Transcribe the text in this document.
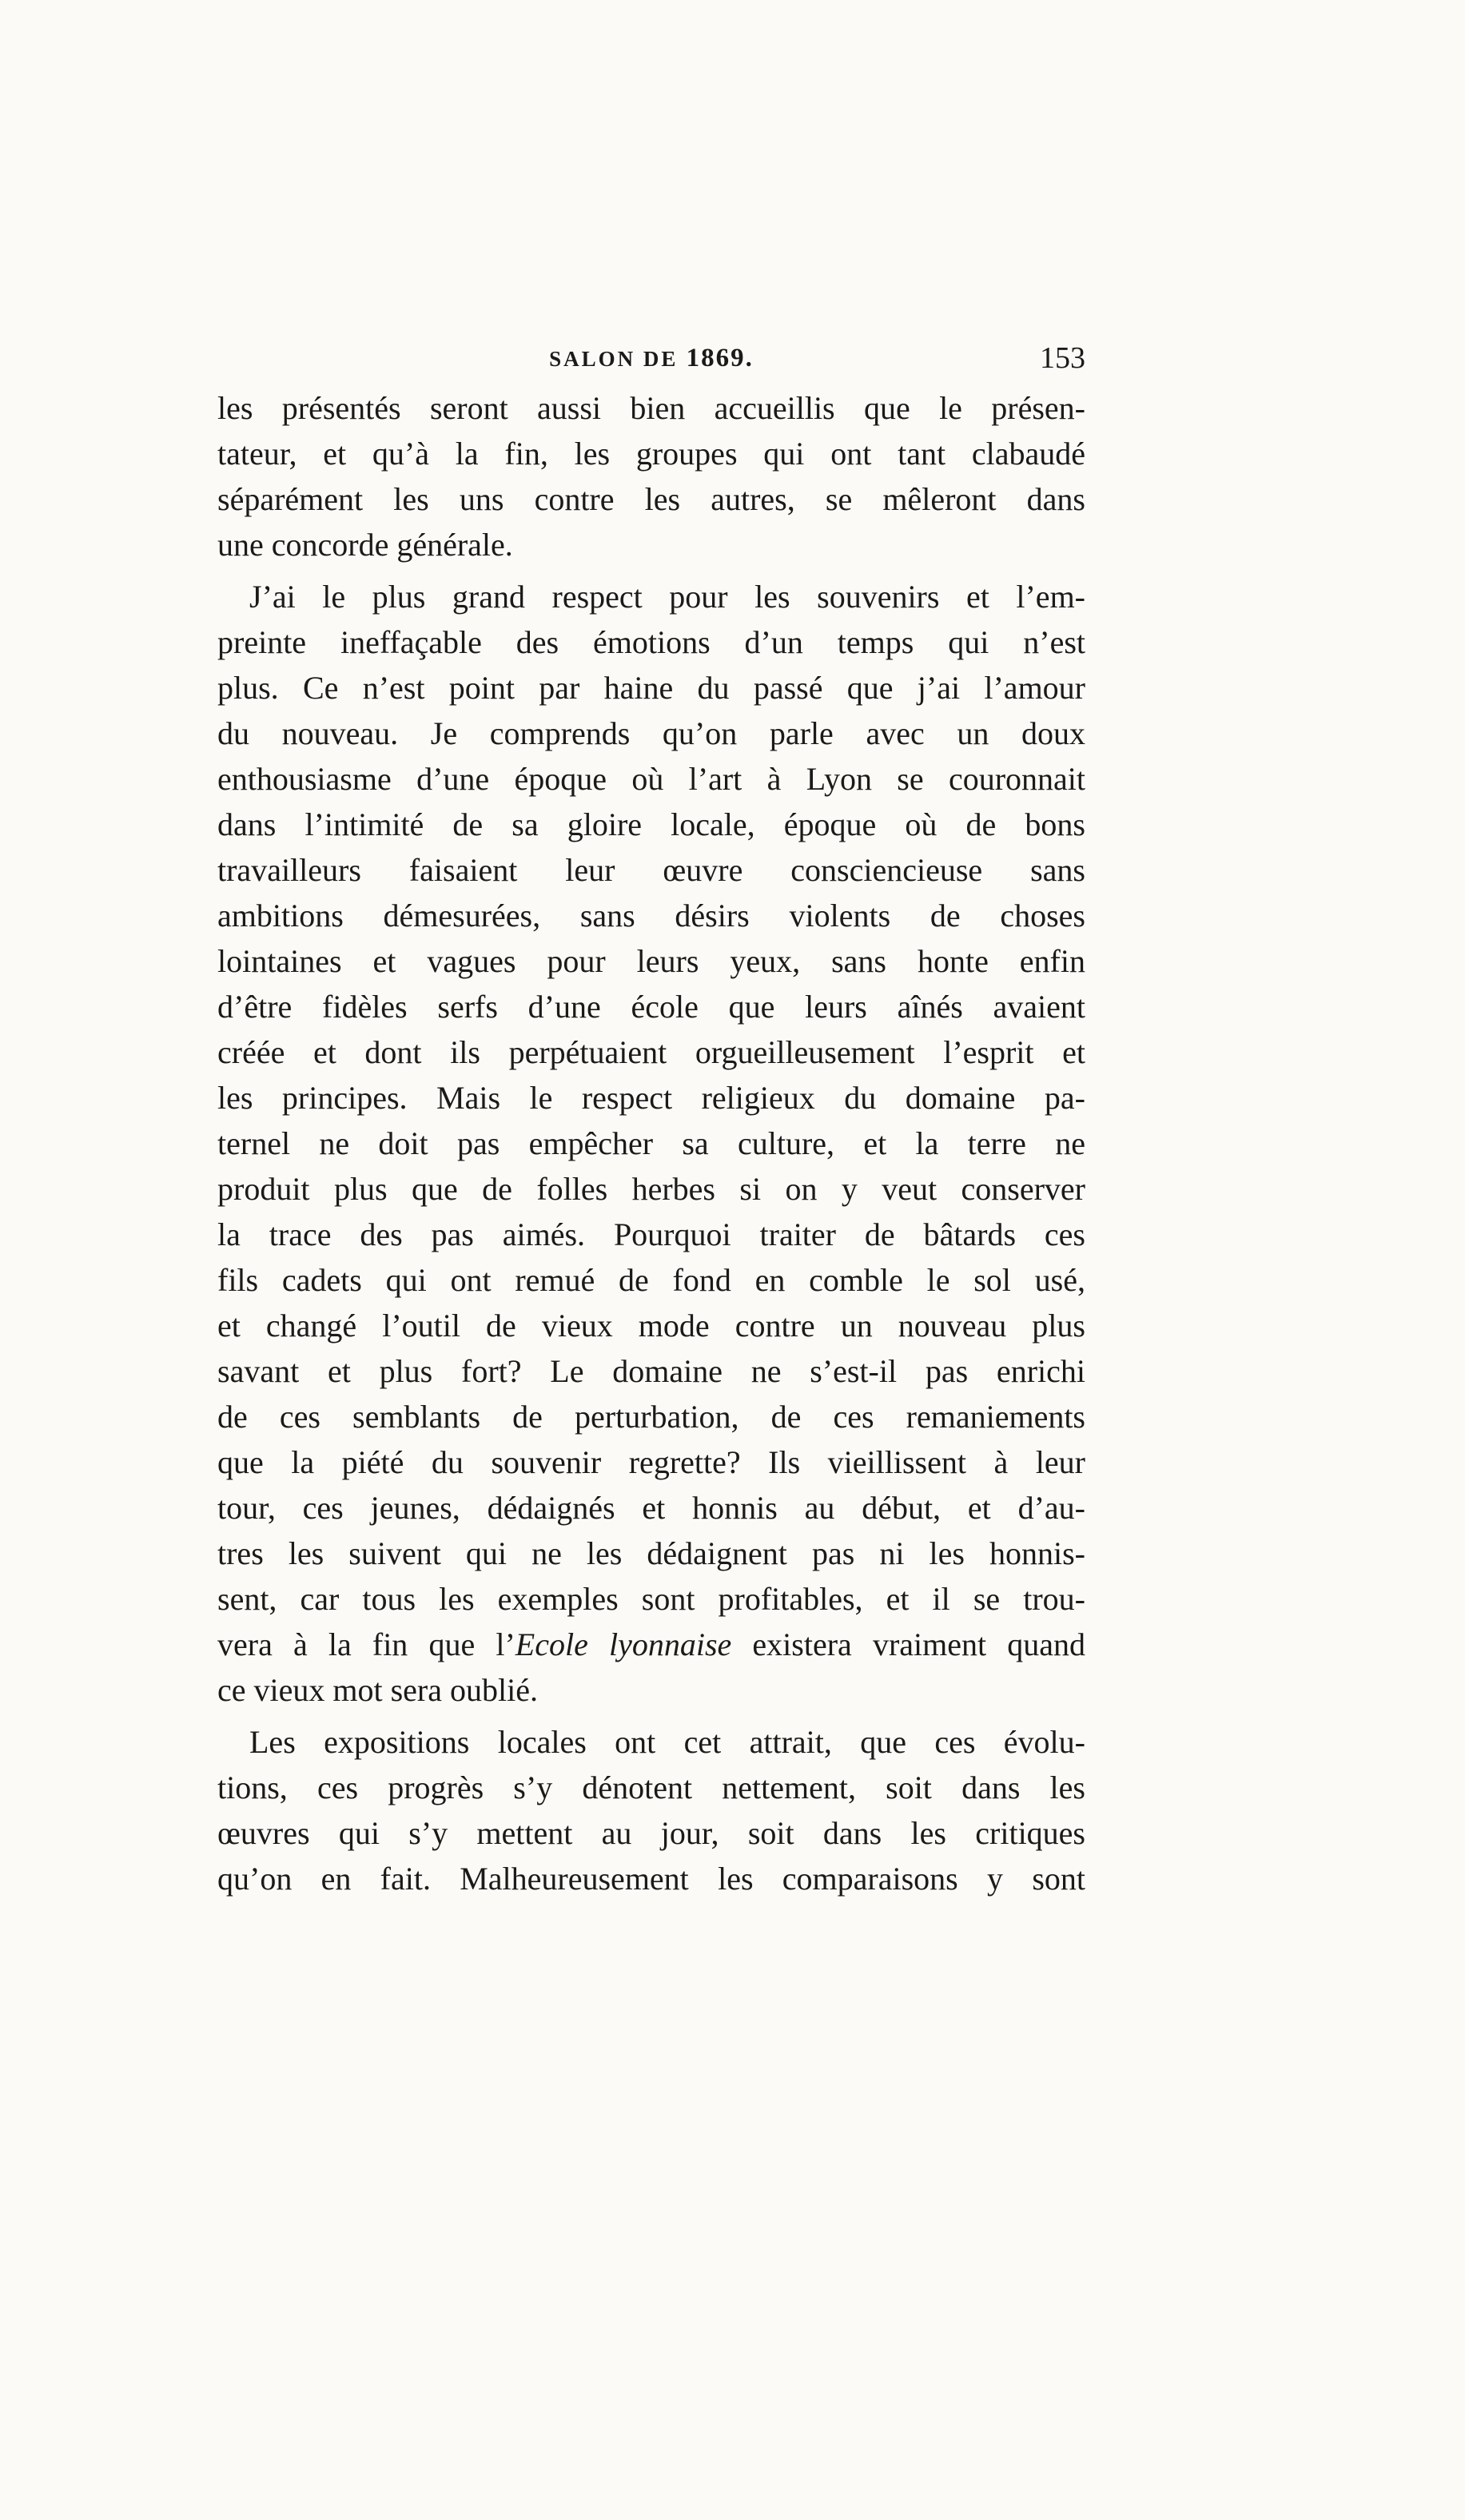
SALON DE 1869.	153
les présentés seront aussi bien accueillis que le présen-
tateur, et qu’à la fin, les groupes qui ont tant clabaudé
séparément les uns contre les autres, se mêleront dans
une concorde générale.
J’ai le plus grand respect pour les souvenirs et l’em-
preinte ineffaçable des émotions d’un temps qui n’est
plus. Ce n’est point par haine du passé que j’ai l’amour
du nouveau. Je comprends qu’on parle avec un doux
enthousiasme d’une époque où l’art à Lyon se couronnait
dans l’intimité de sa gloire locale, époque où de bons
travailleurs faisaient leur œuvre consciencieuse sans
ambitions démesurées, sans désirs violents de choses
lointaines et vagues pour leurs yeux, sans honte enfin
d’être fidèles serfs d’une école que leurs aînés avaient
créée et dont ils perpétuaient orgueilleusement l’esprit et
les principes. Mais le respect religieux du domaine pa-
ternel ne doit pas empêcher sa culture, et la terre ne
produit plus que de folles herbes si on y veut conserver
la trace des pas aimés. Pourquoi traiter de bâtards ces
fils cadets qui ont remué de fond en comble le sol usé,
et changé l’outil de vieux mode contre un nouveau plus
savant et plus fort? Le domaine ne s’est-il pas enrichi
de ces semblants de perturbation, de ces remaniements
que la piété du souvenir regrette? Ils vieillissent à leur
tour, ces jeunes, dédaignés et honnis au début, et d’au-
tres les suivent qui ne les dédaignent pas ni les honnis-
sent, car tous les exemples sont profitables, et il se trou-
vera à la fin que l’Ecole lyonnaise existera vraiment quand
ce vieux mot sera oublié.
Les expositions locales ont cet attrait, que ces évolu-
tions, ces progrès s’y dénotent nettement, soit dans les
œuvres qui s’y mettent au jour, soit dans les critiques
qu’on en fait. Malheureusement les comparaisons y sont
